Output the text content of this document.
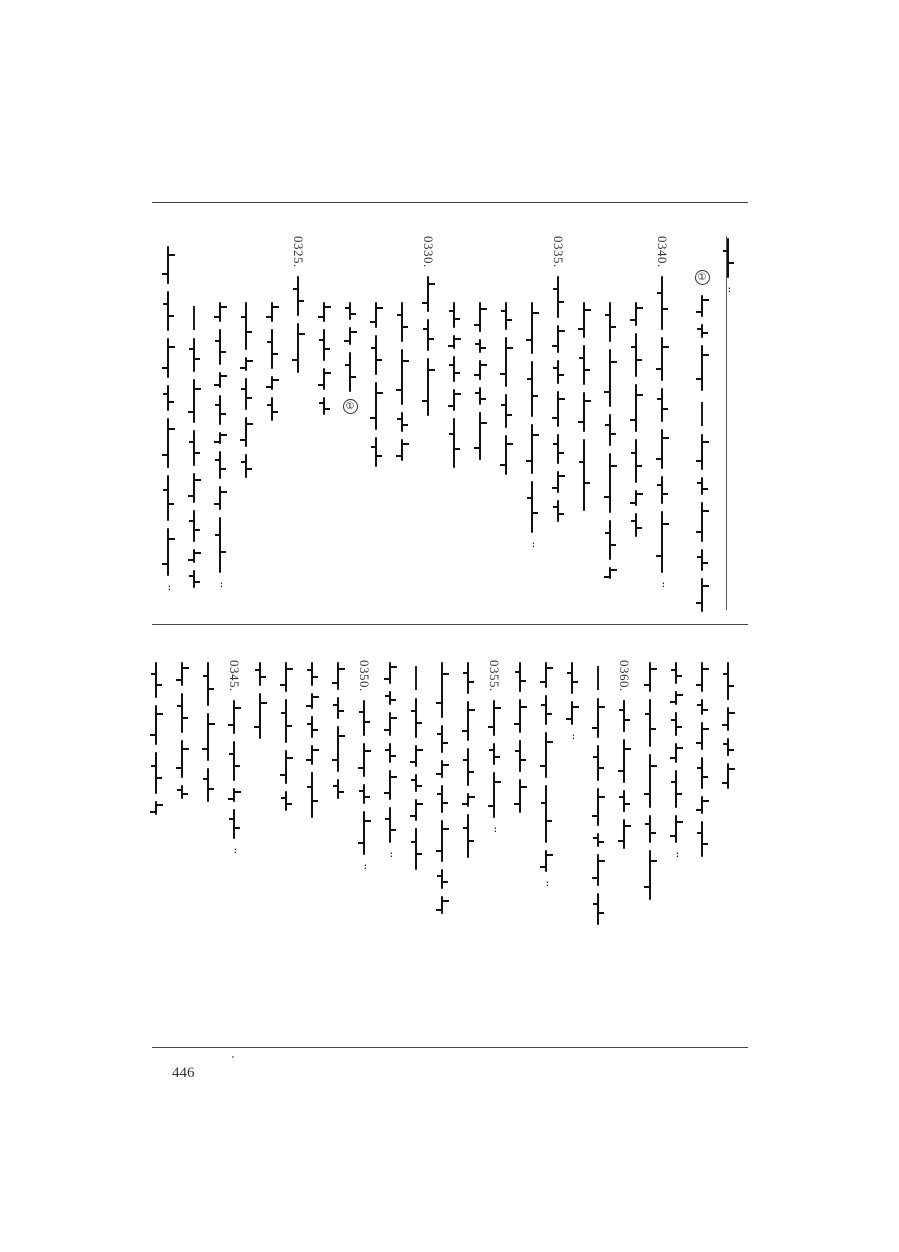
᠄
①
0340.
᠄
0335.
᠄
0330.
①
0325.
᠄
᠄
᠄
0360.
᠄
᠄
0355.
᠄
᠄
0350.
᠄
0345.
᠄
446
